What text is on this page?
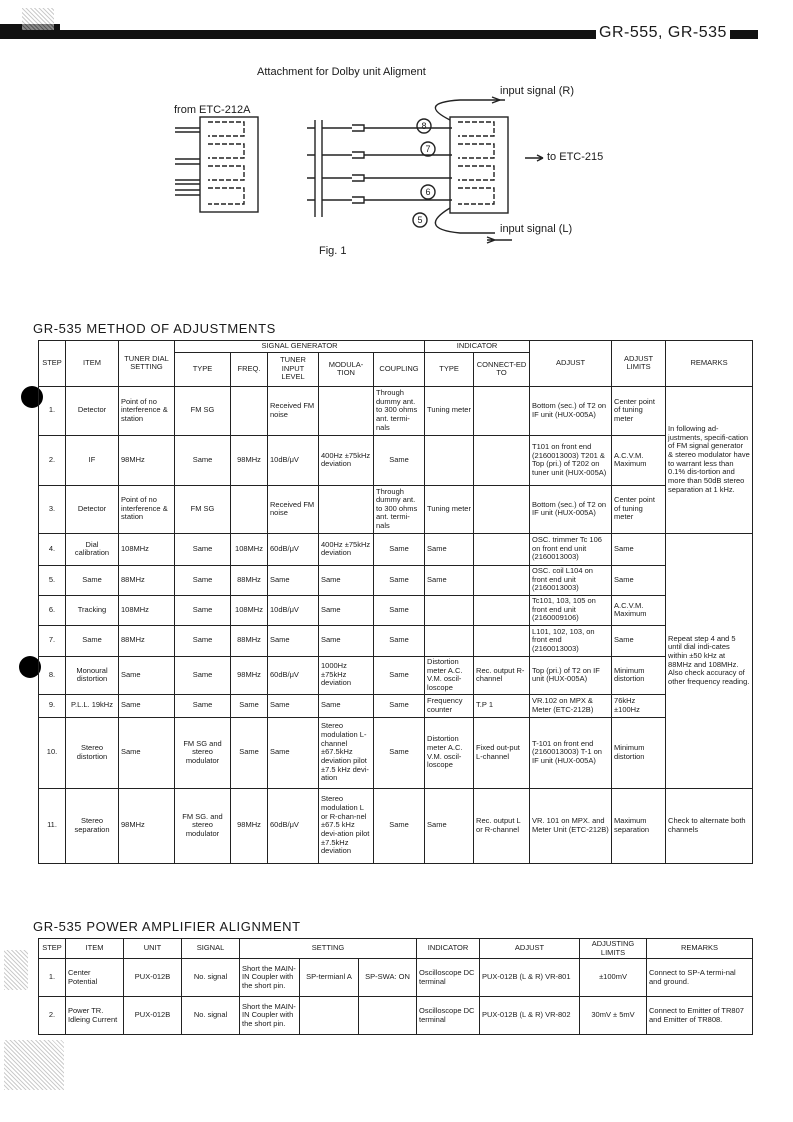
GR-555, GR-535
Attachment for Dolby unit Aligment
8
7
6
5
from ETC-212A
input signal (R)
to ETC-215
input signal (L)
Fig. 1
GR-535 METHOD OF ADJUSTMENTS
STEP	ITEM	TUNER DIAL SETTING	SIGNAL GENERATOR					INDICATOR		ADJUST	ADJUST LIMITS	REMARKS
			TYPE	FREQ.	TUNER INPUT LEVEL	MODULA-TION	COUPLING	TYPE	CONNECT-ED TO			
1.	Detector	Point of no interference & station	FM SG		Received FM noise		Through dummy ant. to 300 ohms ant. termi-nals	Tuning meter		Bottom (sec.) of T2 on IF unit (HUX-005A)	Center point of tuning meter	In following ad-justments, specifi-cation of FM signal generator & stereo modulator have to warrant less than 0.1% dis-tortion and more than 50dB stereo separation at 1 kHz.
2.	IF	98MHz	Same	98MHz	10dB/μV	400Hz ±75kHz deviation	Same			T101 on front end (2160013003) T201 & Top (pri.) of T202 on tuner unit (HUX-005A)	A.C.V.M. Maximum	
3.	Detector	Point of no interference & station	FM SG		Received FM noise		Through dummy ant. to 300 ohms ant. termi-nals	Tuning meter		Bottom (sec.) of T2 on IF unit (HUX-005A)	Center point of tuning meter	
4.	Dial calibration	108MHz	Same	108MHz	60dB/μV	400Hz ±75kHz deviation	Same	Same		OSC. trimmer Tc 106 on front end unit (2160013003)	Same	Repeat step 4 and 5 until dial indi-cates within ±50 kHz at 88MHz and 108MHz. Also check accuracy of other frequency reading.
5.	Same	88MHz	Same	88MHz	Same	Same	Same	Same		OSC. coil L104 on front end unit (2160013003)	Same	
6.	Tracking	108MHz	Same	108MHz	10dB/μV	Same	Same			Tc101, 103, 105 on front end unit (2160009106)	A.C.V.M. Maximum	
7.	Same	88MHz	Same	88MHz	Same	Same	Same			L101, 102, 103, on front end (2160013003)	Same	
8.	Monoural distortion	Same	Same	98MHz	60dB/μV	1000Hz ±75kHz deviation	Same	Distortion meter A.C. V.M. oscil-loscope	Rec. output R-channel	Top (pri.) of T2 on IF unit (HUX-005A)	Minimum distortion	
9.	P.L.L. 19kHz	Same	Same	Same	Same	Same	Same	Frequency counter	T.P 1	VR.102 on MPX & Meter (ETC-212B)	76kHz ±100Hz	
10.	Stereo distortion	Same	FM SG and stereo modulator	Same	Same	Stereo modulation L-channel ±67.5kHz deviation pilot ±7.5 kHz devi-ation	Same	Distortion meter A.C. V.M. oscil-loscope	Fixed out-put L-channel	T-101 on front end (2160013003) T-1 on IF unit (HUX-005A)	Minimum distortion	
11.	Stereo separation	98MHz	FM SG. and stereo modulator	98MHz	60dB/μV	Stereo modulation L or R-chan-nel ±67.5 kHz devi-ation pilot ±7.5kHz deviation	Same	Same	Rec. output L or R-channel	VR. 101 on MPX. and Meter Unit (ETC-212B)	Maximum separation	Check to alternate both channels
GR-535 POWER AMPLIFIER ALIGNMENT
STEP	ITEM	UNIT	SIGNAL	SETTING			INDICATOR	ADJUST	ADJUSTING LIMITS	REMARKS
1.	Center Potential	PUX-012B	No. signal	Short the MAIN-IN Coupler with the short pin.	SP-termianl A	SP-SWA: ON	Oscilloscope DC terminal	PUX-012B (L & R) VR-801	±100mV	Connect to SP-A termi-nal and ground.
2.	Power TR. Idleing Current	PUX-012B	No. signal	Short the MAIN-IN Coupler with the short pin.			Oscilloscope DC terminal	PUX-012B (L & R) VR-802	30mV ± 5mV	Connect to Emitter of TR807 and Emitter of TR808.
